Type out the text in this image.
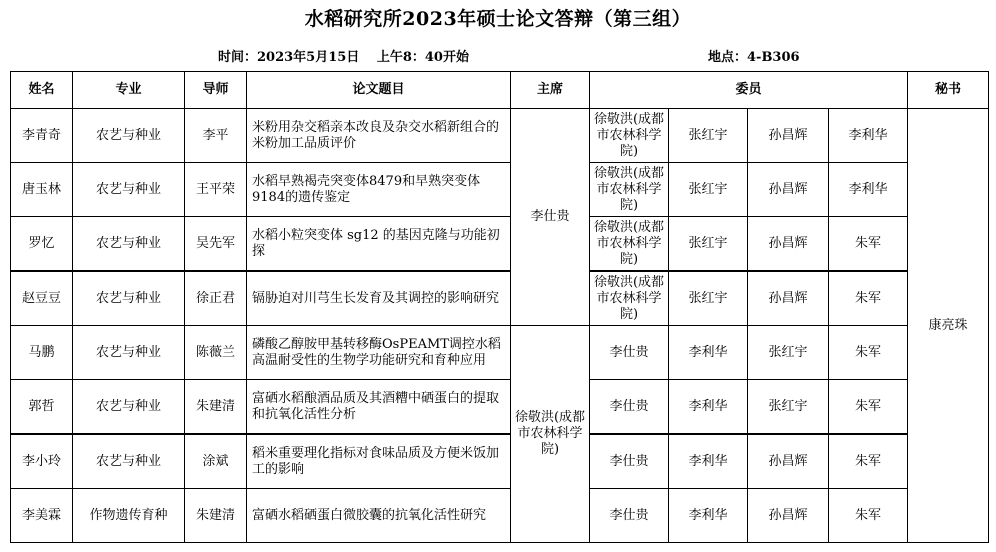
水稻研究所2023年硕士论文答辩（第三组）
时间：2023年5月15日　 上午8：40开始	地点：4-B306
姓名	专业	导师	论文题目	主席	委员				秘书
李青奇	农艺与种业	李平	米粉用杂交稻亲本改良及杂交水稻新组合的米粉加工品质评价	李仕贵	徐敬洪(成都市农林科学院)	张红宇	孙昌辉	李利华	康亮珠
唐玉林	农艺与种业	王平荣	水稻早熟褐壳突变体8479和早熟突变体9184的遗传鉴定		徐敬洪(成都市农林科学院)	张红宇	孙昌辉	李利华	
罗忆	农艺与种业	吴先军	水稻小粒突变体 sg12 的基因克隆与功能初探		徐敬洪(成都市农林科学院)	张红宇	孙昌辉	朱军	
赵豆豆	农艺与种业	徐正君	镉胁迫对川芎生长发育及其调控的影响研究		徐敬洪(成都市农林科学院)	张红宇	孙昌辉	朱军	
马鹏	农艺与种业	陈薇兰	磷酸乙醇胺甲基转移酶OsPEAMT调控水稻高温耐受性的生物学功能研究和育种应用	徐敬洪(成都市农林科学院)	李仕贵	李利华	张红宇	朱军	
郭哲	农艺与种业	朱建清	富硒水稻酿酒品质及其酒糟中硒蛋白的提取和抗氧化活性分析		李仕贵	李利华	张红宇	朱军	
李小玲	农艺与种业	涂斌	稻米重要理化指标对食味品质及方便米饭加工的影响		李仕贵	李利华	孙昌辉	朱军	
李美霖	作物遗传育种	朱建清	富硒水稻硒蛋白微胶囊的抗氧化活性研究		李仕贵	李利华	孙昌辉	朱军	
